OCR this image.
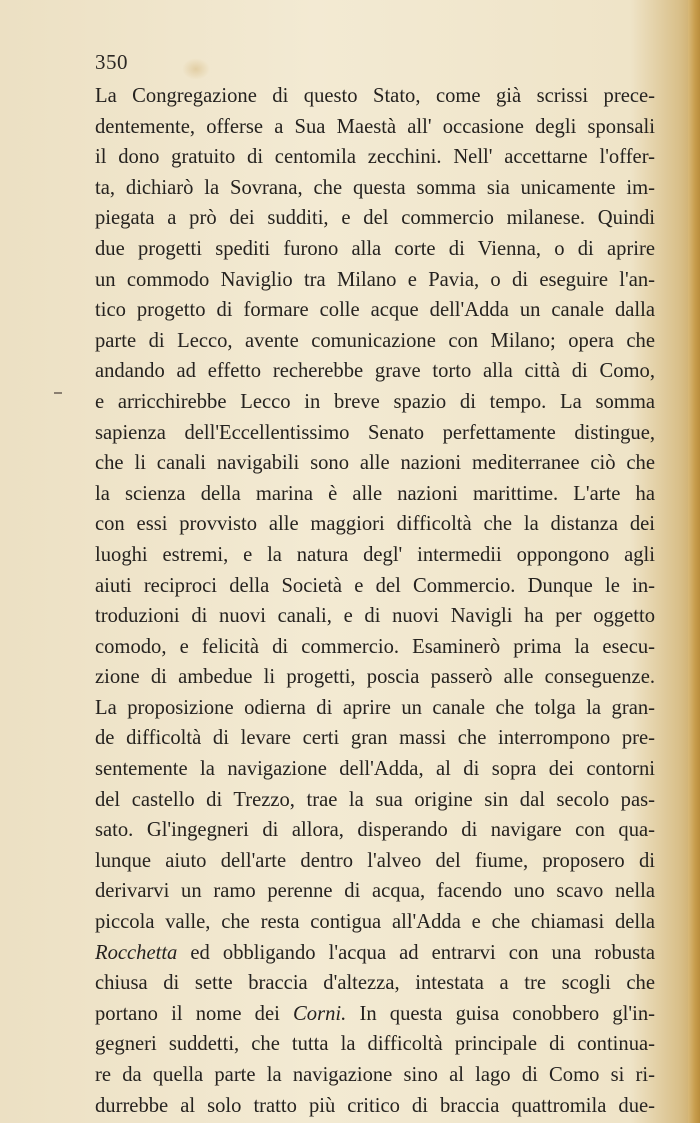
350
La Congregazione di questo Stato, come già scrissi prece-
dentemente, offerse a Sua Maestà all' occasione degli sponsali
il dono gratuito di centomila zecchini. Nell' accettarne l'offer-
ta, dichiarò la Sovrana, che questa somma sia unicamente im-
piegata a prò dei sudditi, e del commercio milanese. Quindi
due progetti spediti furono alla corte di Vienna, o di aprire
un commodo Naviglio tra Milano e Pavia, o di eseguire l'an-
tico progetto di formare colle acque dell'Adda un canale dalla
parte di Lecco, avente comunicazione con Milano; opera che
andando ad effetto recherebbe grave torto alla città di Como,
e arricchirebbe Lecco in breve spazio di tempo. La somma
sapienza dell'Eccellentissimo Senato perfettamente distingue,
che li canali navigabili sono alle nazioni mediterranee ciò che
la scienza della marina è alle nazioni marittime. L'arte ha
con essi provvisto alle maggiori difficoltà che la distanza dei
luoghi estremi, e la natura degl' intermedii oppongono agli
aiuti reciproci della Società e del Commercio. Dunque le in-
troduzioni di nuovi canali, e di nuovi Navigli ha per oggetto
comodo, e felicità di commercio. Esaminerò prima la esecu-
zione di ambedue li progetti, poscia passerò alle conseguenze.
La proposizione odierna di aprire un canale che tolga la gran-
de difficoltà di levare certi gran massi che interrompono pre-
sentemente la navigazione dell'Adda, al di sopra dei contorni
del castello di Trezzo, trae la sua origine sin dal secolo pas-
sato. Gl'ingegneri di allora, disperando di navigare con qua-
lunque aiuto dell'arte dentro l'alveo del fiume, proposero di
derivarvi un ramo perenne di acqua, facendo uno scavo nella
piccola valle, che resta contigua all'Adda e che chiamasi della
Rocchetta ed obbligando l'acqua ad entrarvi con una robusta
chiusa di sette braccia d'altezza, intestata a tre scogli che
portano il nome dei Corni. In questa guisa conobbero gl'in-
gegneri suddetti, che tutta la difficoltà principale di continua-
re da quella parte la navigazione sino al lago di Como si ri-
durrebbe al solo tratto più critico di braccia quattromila due-
